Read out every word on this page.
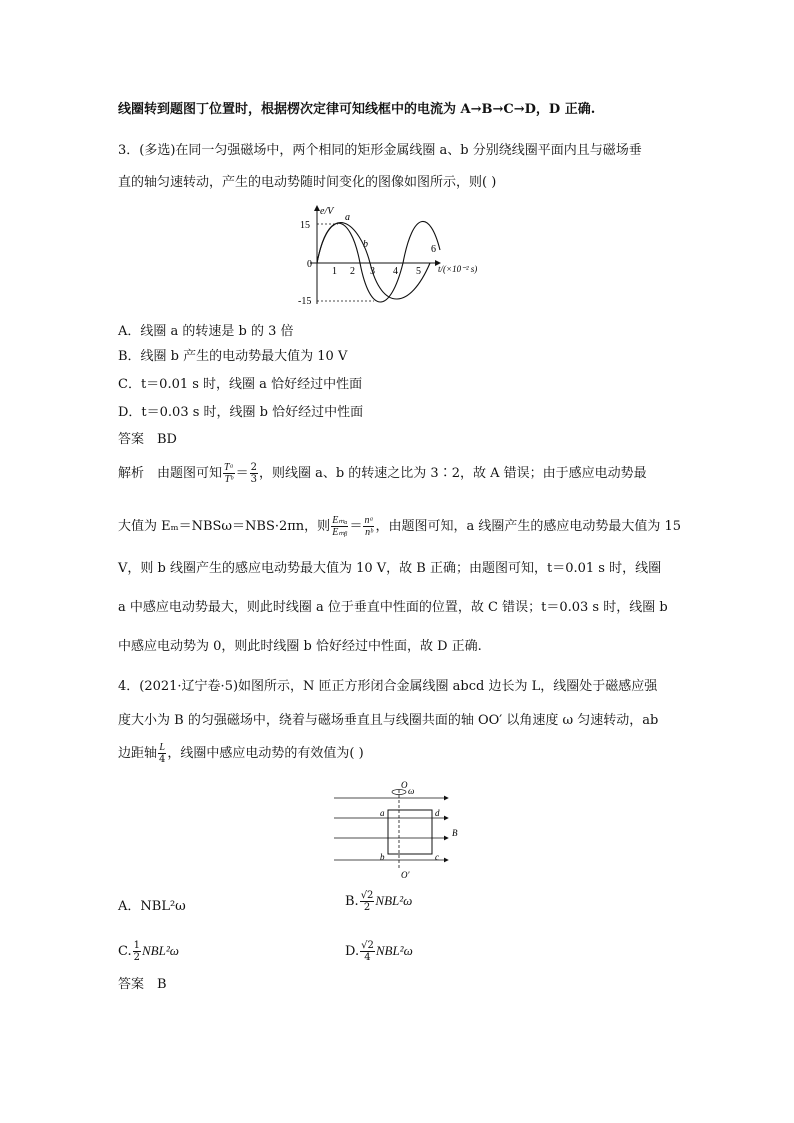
线圈转到题图丁位置时，根据楞次定律可知线框中的电流为 A→B→C→D，D 正确.
3．(多选)在同一匀强磁场中，两个相同的矩形金属线圈 a、b 分别绕线圈平面内且与磁场垂
直的轴匀速转动，产生的电动势随时间变化的图像如图所示，则( )
e/V
t/(×10⁻² s)
0
15
-15
1 2 3 4 5
6
a
b
A．线圈 a 的转速是 b 的 3 倍
B．线圈 b 产生的电动势最大值为 10 V
C．t＝0.01 s 时，线圈 a 恰好经过中性面
D．t＝0.03 s 时，线圈 b 恰好经过中性面
答案　BD
解析　由题图可知 $\frac{\text{Tᵃ}}{\text{Tᵇ}} = \frac{2}{3}$ ，则线圈 a、b 的转速之比为 3∶2，故 A 错误；由于感应电动势最
大值为 Eₘ＝NBSω＝NBS·2πn，则 $\frac{\text{Eₘₐ}}{\text{Eₘᵦ}} = \frac{\text{nᵃ}}{\text{nᵇ}}$ ，由题图可知，a 线圈产生的感应电动势最大值为 15
V，则 b 线圈产生的感应电动势最大值为 10 V，故 B 正确；由题图可知，t＝0.01 s 时，线圈
a 中感应电动势最大，则此时线圈 a 位于垂直中性面的位置，故 C 错误；t＝0.03 s 时，线圈 b
中感应电动势为 0，则此时线圈 b 恰好经过中性面，故 D 正确.
4．(2021·辽宁卷·5)如图所示，N 匝正方形闭合金属线圈 abcd 边长为 L，线圈处于磁感应强
度大小为 B 的匀强磁场中，绕着与磁场垂直且与线圈共面的轴 OO′ 以角速度 ω 匀速转动，ab
边距轴 $\frac{L}{4}$ ，线圈中感应电动势的有效值为( )
O
ω
O′
a	d
b	c
B
A．NBL²ω	B. $\frac{√2}{2} NBL^2\omega$
C. $\frac{1}{2} NBL^2\omega$	D. $\frac{√2}{4} NBL^2\omega$
答案　B
